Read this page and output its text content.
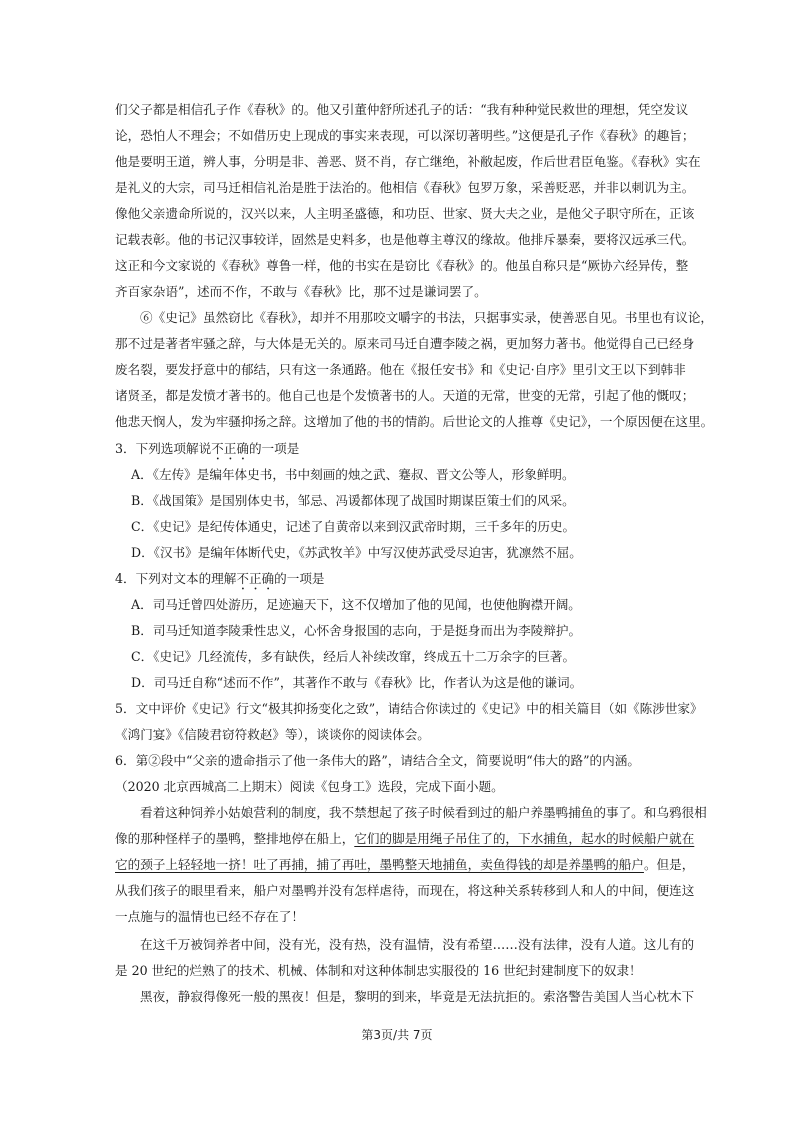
们父子都是相信孔子作《春秋》的。他又引董仲舒所述孔子的话：“我有种种觉民救世的理想，凭空发议
论，恐怕人不理会；不如借历史上现成的事实来表现，可以深切著明些。”这便是孔子作《春秋》的趣旨；
他是要明王道，辨人事，分明是非、善恶、贤不肖，存亡继绝，补敝起废，作后世君臣龟鉴。《春秋》实在
是礼义的大宗，司马迁相信礼治是胜于法治的。他相信《春秋》包罗万象，采善贬恶，并非以刺讥为主。
像他父亲遗命所说的，汉兴以来，人主明圣盛德，和功臣、世家、贤大夫之业，是他父子职守所在，正该
记载表彰。他的书记汉事较详，固然是史料多，也是他尊主尊汉的缘故。他排斥暴秦，要将汉远承三代。
这正和今文家说的《春秋》尊鲁一样，他的书实在是窃比《春秋》的。他虽自称只是“厥协六经异传，整
齐百家杂语”，述而不作，不敢与《春秋》比，那不过是谦词罢了。
⑥《史记》虽然窃比《春秋》，却并不用那咬文嚼字的书法，只据事实录，使善恶自见。书里也有议论，
那不过是著者牢骚之辞，与大体是无关的。原来司马迁自遭李陵之祸，更加努力著书。他觉得自己已经身
废名裂，要发抒意中的郁结，只有这一条通路。他在《报任安书》和《史记·自序》里引文王以下到韩非
诸贤圣，都是发愤才著书的。他自己也是个发愤著书的人。天道的无常，世变的无常，引起了他的慨叹；
他悲天悯人，发为牢骚抑扬之辞。这增加了他的书的情韵。后世论文的人推尊《史记》，一个原因便在这里。
3．下列选项解说不正确的一项是
A．《左传》是编年体史书，书中刻画的烛之武、蹇叔、晋文公等人，形象鲜明。
B．《战国策》是国别体史书，邹忌、冯谖都体现了战国时期谋臣策士们的风采。
C．《史记》是纪传体通史，记述了自黄帝以来到汉武帝时期，三千多年的历史。
D．《汉书》是编年体断代史，《苏武牧羊》中写汉使苏武受尽迫害，犹凛然不屈。
4．下列对文本的理解不正确的一项是
A．司马迁曾四处游历，足迹遍天下，这不仅增加了他的见闻，也使他胸襟开阔。
B．司马迁知道李陵秉性忠义，心怀舍身报国的志向，于是挺身而出为李陵辩护。
C．《史记》几经流传，多有缺佚，经后人补续改窜，终成五十二万余字的巨著。
D．司马迁自称“述而不作”，其著作不敢与《春秋》比，作者认为这是他的谦词。
5．文中评价《史记》行文“极其抑扬变化之致”，请结合你读过的《史记》中的相关篇目（如《陈涉世家》
《鸿门宴》《信陵君窃符救赵》等），谈谈你的阅读体会。
6．第②段中“父亲的遗命指示了他一条伟大的路”，请结合全文，简要说明“伟大的路”的内涵。
（2020 北京西城高二上期末）阅读《包身工》选段，完成下面小题。
看着这种饲养小姑娘营利的制度，我不禁想起了孩子时候看到过的船户养墨鸭捕鱼的事了。和乌鸦很相
像的那种怪样子的墨鸭，整排地停在船上，它们的脚是用绳子吊住了的，下水捕鱼，起水的时候船户就在
它的颈子上轻轻地一挤！吐了再捕，捕了再吐，墨鸭整天地捕鱼，卖鱼得钱的却是养墨鸭的船户。但是，
从我们孩子的眼里看来，船户对墨鸭并没有怎样虐待，而现在，将这种关系转移到人和人的中间，便连这
一点施与的温情也已经不存在了！
在这千万被饲养者中间，没有光，没有热，没有温情，没有希望……没有法律，没有人道。这儿有的
是 20 世纪的烂熟了的技术、机械、体制和对这种体制忠实服役的 16 世纪封建制度下的奴隶！
黑夜，静寂得像死一般的黑夜！但是，黎明的到来，毕竟是无法抗拒的。索洛警告美国人当心枕木下
第3页/共 7页
